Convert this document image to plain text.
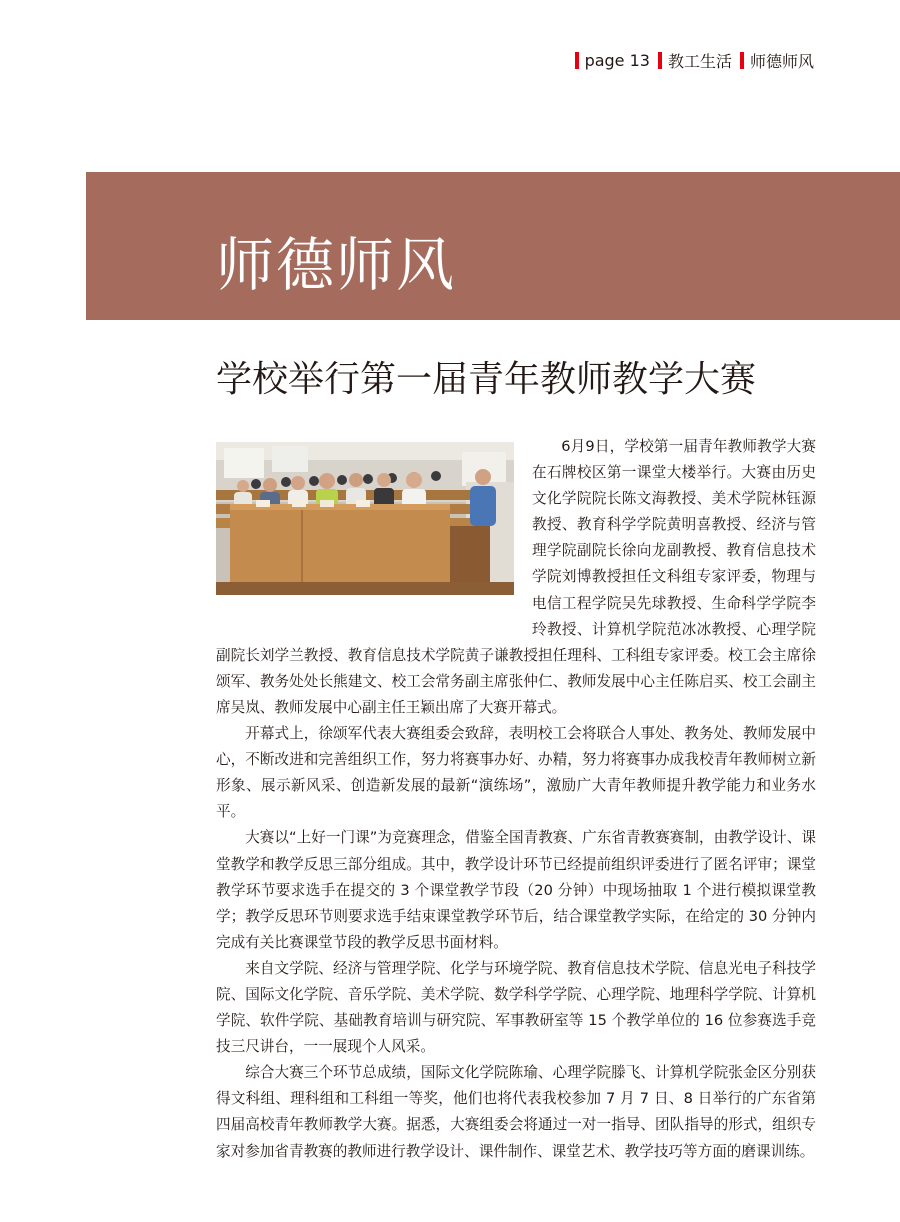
page 13 教工生活 师德师风
师德师风
学校举行第一届青年教师教学大赛

6月9日，学校第一届青年教师教学大赛在石牌校区第一课堂大楼举行。大赛由历史文化学院院长陈文海教授、美术学院林钰源教授、教育科学学院黄明喜教授、经济与管理学院副院长徐向龙副教授、教育信息技术学院刘博教授担任文科组专家评委，物理与电信工程学院吴先球教授、生命科学学院李玲教授、计算机学院范冰冰教授、心理学院副院长刘学兰教授、教育信息技术学院黄子谦教授担任理科、工科组专家评委。校工会主席徐颂军、教务处处长熊建文、校工会常务副主席张仲仁、教师发展中心主任陈启买、校工会副主席吴岚、教师发展中心副主任王颖出席了大赛开幕式。

开幕式上，徐颂军代表大赛组委会致辞，表明校工会将联合人事处、教务处、教师发展中心，不断改进和完善组织工作，努力将赛事办好、办精，努力将赛事办成我校青年教师树立新形象、展示新风采、创造新发展的最新“演练场”，激励广大青年教师提升教学能力和业务水平。

大赛以“上好一门课”为竞赛理念，借鉴全国青教赛、广东省青教赛赛制，由教学设计、课堂教学和教学反思三部分组成。其中，教学设计环节已经提前组织评委进行了匿名评审；课堂教学环节要求选手在提交的 3 个课堂教学节段（20 分钟）中现场抽取 1 个进行模拟课堂教学；教学反思环节则要求选手结束课堂教学环节后，结合课堂教学实际，在给定的 30 分钟内完成有关比赛课堂节段的教学反思书面材料。

来自文学院、经济与管理学院、化学与环境学院、教育信息技术学院、信息光电子科技学院、国际文化学院、音乐学院、美术学院、数学科学学院、心理学院、地理科学学院、计算机学院、软件学院、基础教育培训与研究院、军事教研室等 15 个教学单位的 16 位参赛选手竞技三尺讲台，一一展现个人风采。

综合大赛三个环节总成绩，国际文化学院陈瑜、心理学院滕飞、计算机学院张金区分别获得文科组、理科组和工科组一等奖，他们也将代表我校参加 7 月 7 日、8 日举行的广东省第四届高校青年教师教学大赛。据悉，大赛组委会将通过一对一指导、团队指导的形式，组织专家对参加省青教赛的教师进行教学设计、课件制作、课堂艺术、教学技巧等方面的磨课训练。
